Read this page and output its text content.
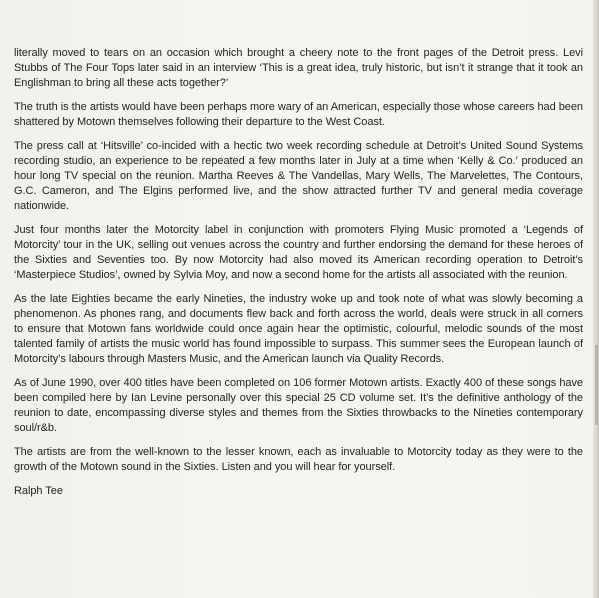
literally moved to tears on an occasion which brought a cheery note to the front pages of the Detroit press. Levi Stubbs of The Four Tops later said in an interview ‘This is a great idea, truly historic, but isn’t it strange that it took an Englishman to bring all these acts together?’

The truth is the artists would have been perhaps more wary of an American, especially those whose careers had been shattered by Motown themselves following their departure to the West Coast.

The press call at ‘Hitsville’ co-incided with a hectic two week recording schedule at Detroit’s United Sound Systems recording studio, an experience to be repeated a few months later in July at a time when ‘Kelly & Co.’ produced an hour long TV special on the reunion. Martha Reeves & The Vandellas, Mary Wells, The Marvelettes, The Contours, G.C. Cameron, and The Elgins performed live, and the show attracted further TV and general media coverage nationwide.

Just four months later the Motorcity label in conjunction with promoters Flying Music promoted a ‘Legends of Motorcity’ tour in the UK, selling out venues across the country and further endorsing the demand for these heroes of the Sixties and Seventies too. By now Motorcity had also moved its American recording operation to Detroit’s ‘Masterpiece Studios’, owned by Sylvia Moy, and now a second home for the artists all associated with the reunion.

As the late Eighties became the early Nineties, the industry woke up and took note of what was slowly becoming a phenomenon. As phones rang, and documents flew back and forth across the world, deals were struck in all corners to ensure that Motown fans worldwide could once again hear the optimistic, colourful, melodic sounds of the most talented family of artists the music world has found impossible to surpass. This summer sees the European launch of Motorcity’s labours through Masters Music, and the American launch via Quality Records.

As of June 1990, over 400 titles have been completed on 106 former Motown artists. Exactly 400 of these songs have been compiled here by Ian Levine personally over this special 25 CD volume set. It’s the definitive anthology of the reunion to date, encompassing diverse styles and themes from the Sixties throwbacks to the Nineties contemporary soul/r&b.

The artists are from the well-known to the lesser known, each as invaluable to Motorcity today as they were to the growth of the Motown sound in the Sixties. Listen and you will hear for yourself.

Ralph Tee
